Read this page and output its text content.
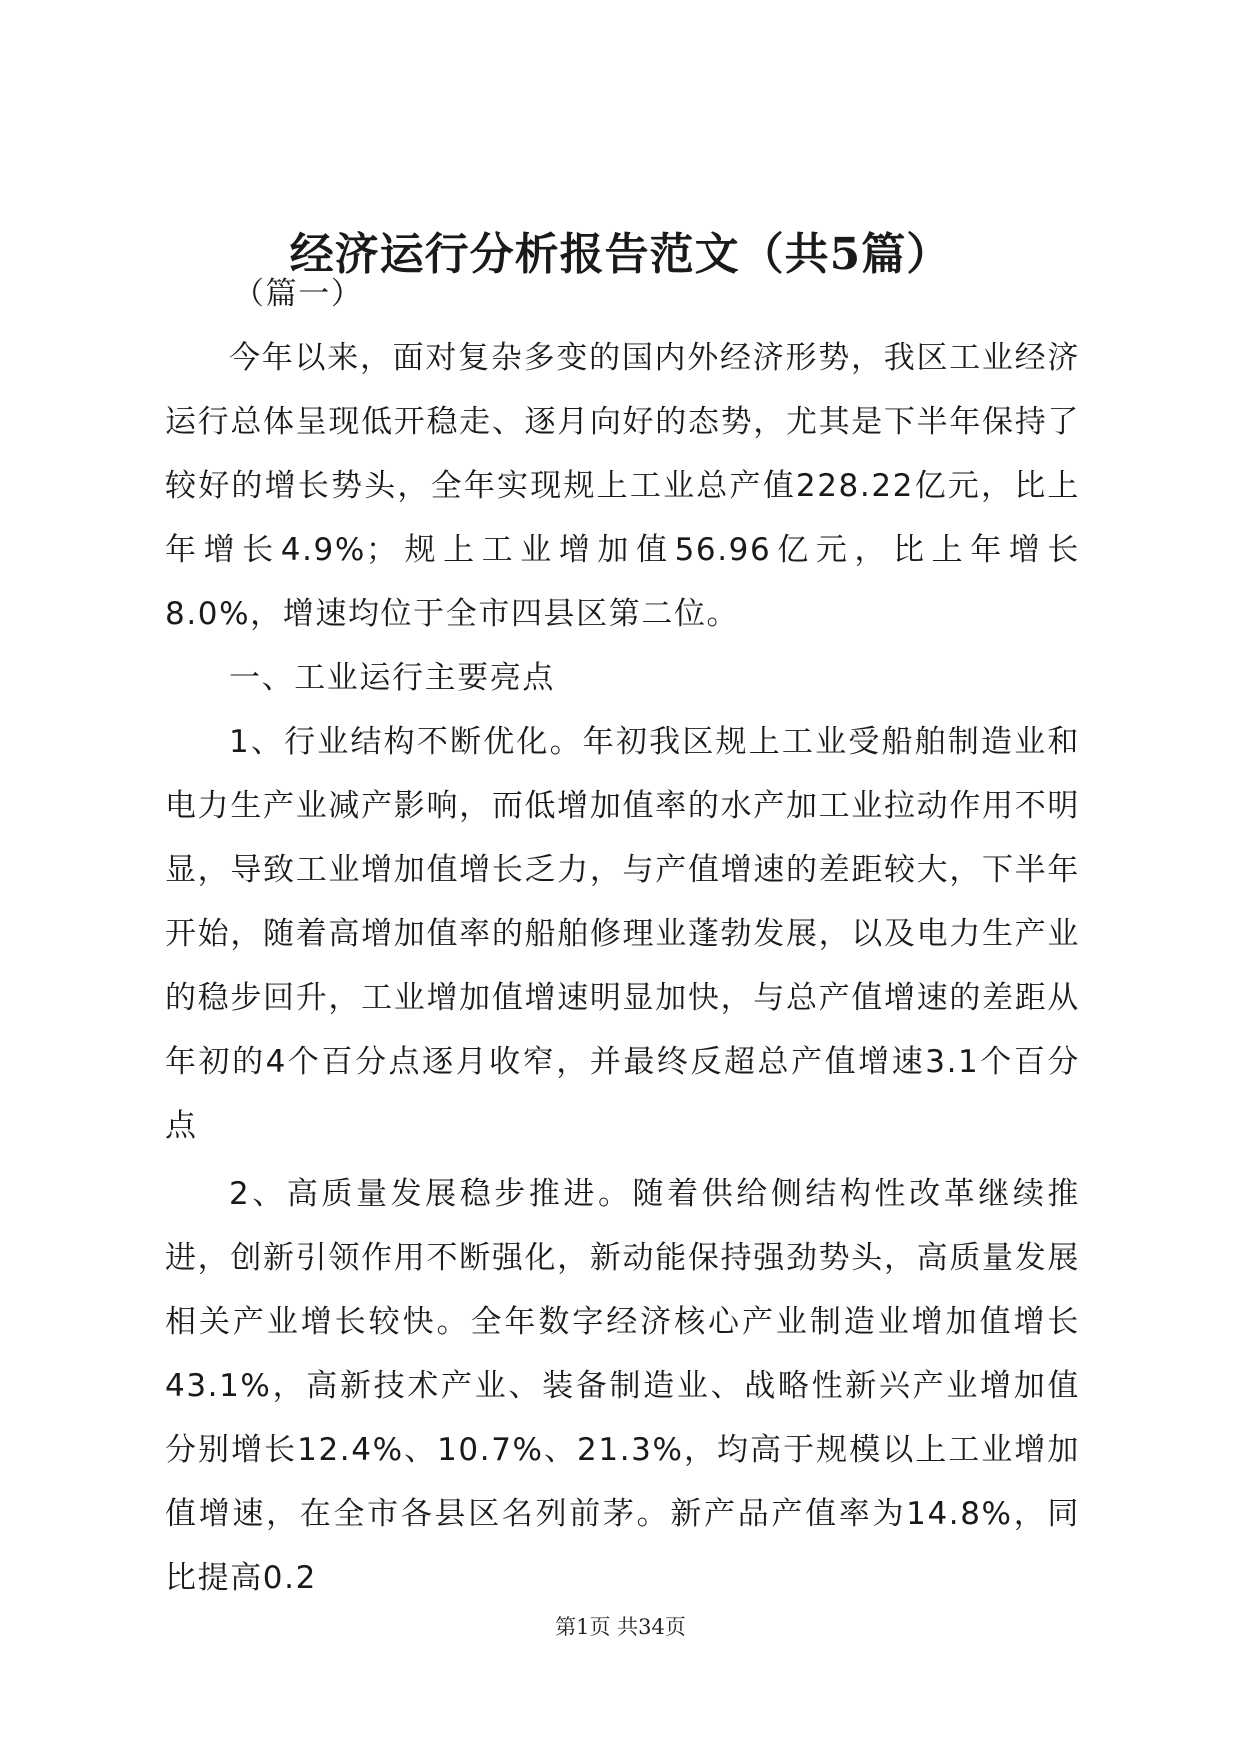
经济运行分析报告范文（共5篇）

（篇一）

今年以来，面对复杂多变的国内外经济形势，我区工业经济运行总体呈现低开稳走、逐月向好的态势，尤其是下半年保持了较好的增长势头，全年实现规上工业总产值228.22亿元，比上年增长4.9%；规上工业增加值56.96亿元，比上年增长8.0%，增速均位于全市四县区第二位。

一、工业运行主要亮点

1、行业结构不断优化。年初我区规上工业受船舶制造业和电力生产业减产影响，而低增加值率的水产加工业拉动作用不明显，导致工业增加值增长乏力，与产值增速的差距较大，下半年开始，随着高增加值率的船舶修理业蓬勃发展，以及电力生产业的稳步回升，工业增加值增速明显加快，与总产值增速的差距从年初的4个百分点逐月收窄，并最终反超总产值增速3.1个百分点

2、高质量发展稳步推进。随着供给侧结构性改革继续推进，创新引领作用不断强化，新动能保持强劲势头，高质量发展相关产业增长较快。全年数字经济核心产业制造业增加值增长43.1%，高新技术产业、装备制造业、战略性新兴产业增加值分别增长12.4%、10.7%、21.3%，均高于规模以上工业增加值增速，在全市各县区名列前茅。新产品产值率为14.8%，同比提高0.2

第1页 共34页
